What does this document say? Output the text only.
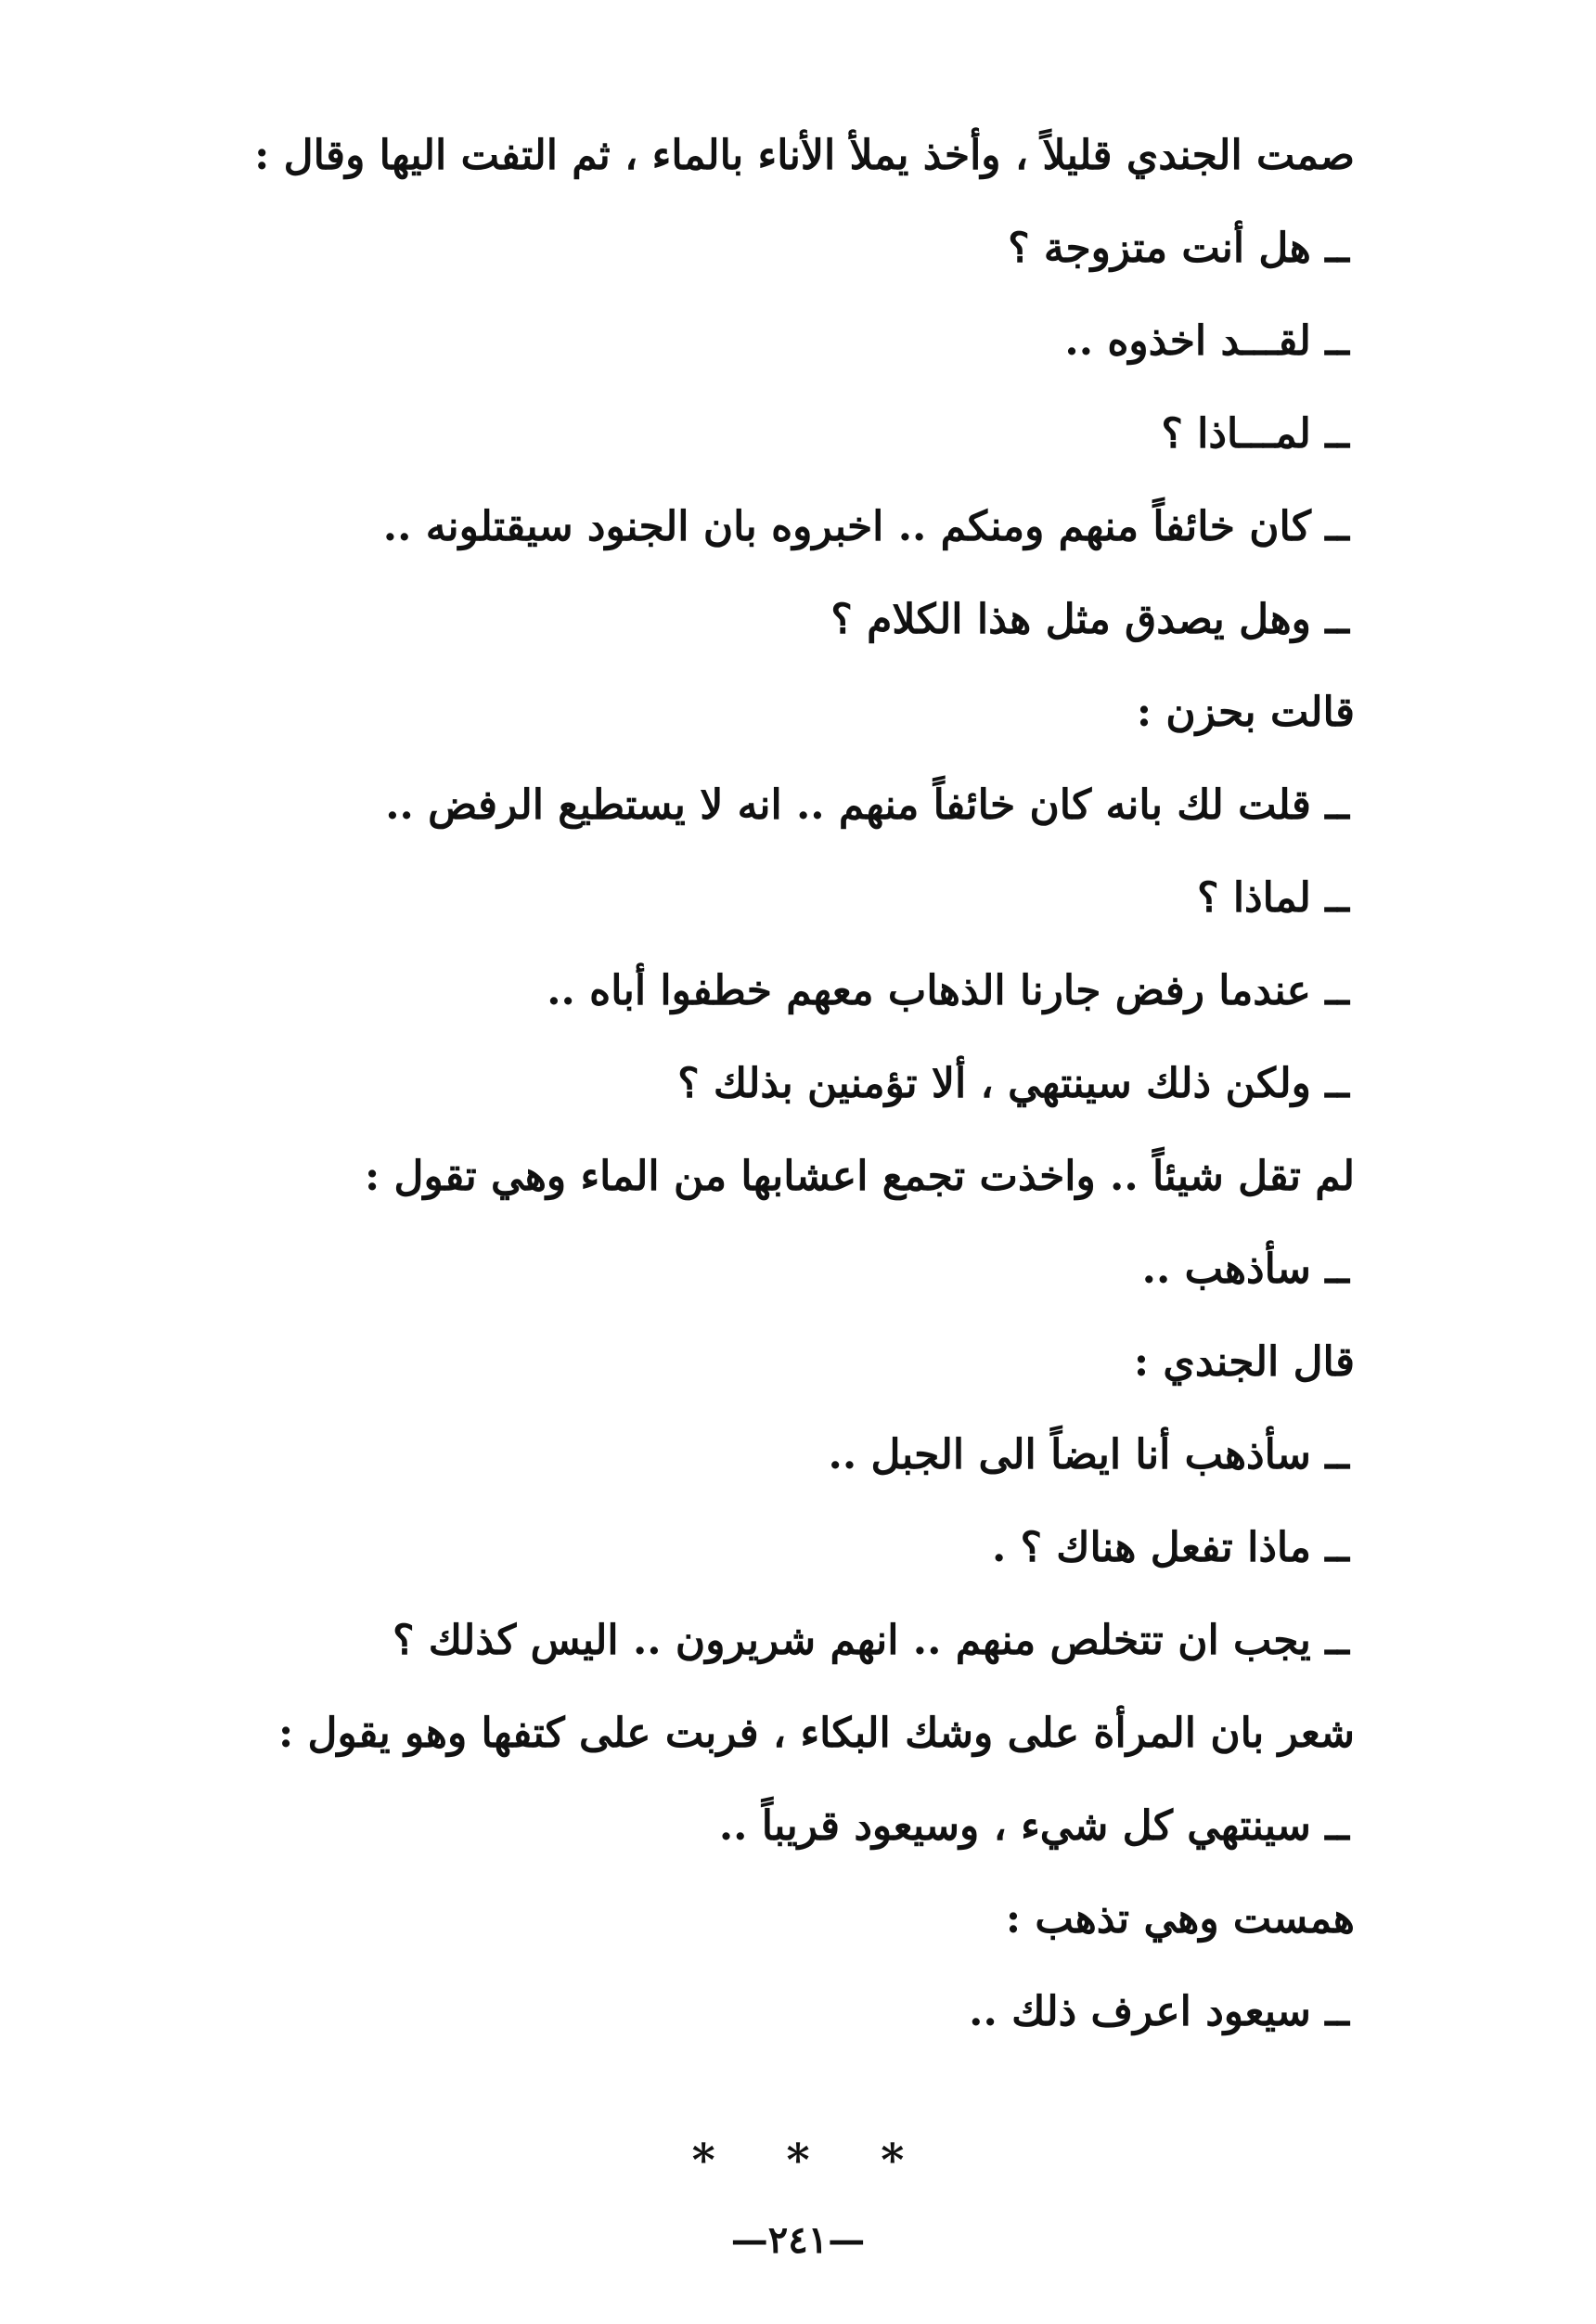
صمت الجندي قليلاً ، وأخذ يملأ الأناء بالماء ، ثم التفت اليها وقال :
ــ هل أنت متزوجة ؟
ــ لقـــد اخذوه ..
ــ لمـــاذا ؟
ــ كان خائفاً منهم ومنكم .. اخبروه بان الجنود سيقتلونه ..
ــ وهل يصدق مثل هذا الكلام ؟
قالت بحزن :
ــ قلت لك بانه كان خائفاً منهم .. انه لا يستطيع الرفض ..
ــ لماذا ؟
ــ عندما رفض جارنا الذهاب معهم خطفوا أباه ..
ــ ولكن ذلك سينتهي ، ألا تؤمنين بذلك ؟
لم تقل شيئاً .. واخذت تجمع اعشابها من الماء وهي تقول :
ــ سأذهب ..
قال الجندي :
ــ سأذهب أنا ايضاً الى الجبل ..
ــ ماذا تفعل هناك ؟ .
ــ يجب ان تتخلص منهم .. انهم شريرون .. اليس كذلك ؟
شعر بان المرأة على وشك البكاء ، فربت على كتفها وهو يقول :
ــ سينتهي كل شيء ، وسيعود قريباً ..
همست وهي تذهب :
ــ سيعود اعرف ذلك ..
* * *
—٢٤١—
